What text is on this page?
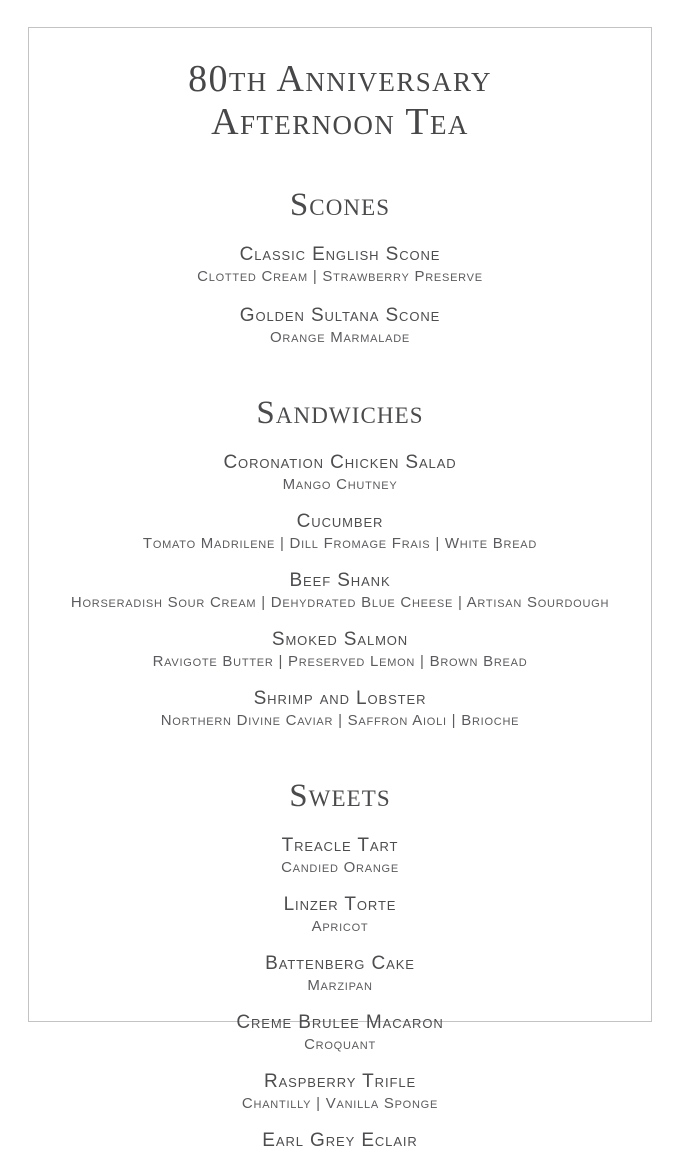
80th Anniversary
Afternoon Tea
Scones
Classic English Scone
Clotted Cream | Strawberry Preserve
Golden Sultana Scone
Orange Marmalade
Sandwiches
Coronation Chicken Salad
Mango Chutney
Cucumber
Tomato Madrilene | Dill Fromage Frais | White Bread
Beef Shank
Horseradish Sour Cream | Dehydrated Blue Cheese | Artisan Sourdough
Smoked Salmon
Ravigote Butter | Preserved Lemon | Brown Bread
Shrimp and Lobster
Northern Divine Caviar | Saffron Aioli | Brioche
Sweets
Treacle Tart
Candied Orange
Linzer Torte
Apricot
Battenberg Cake
Marzipan
Creme Brulee Macaron
Croquant
Raspberry Trifle
Chantilly | Vanilla Sponge
Earl Grey Eclair
